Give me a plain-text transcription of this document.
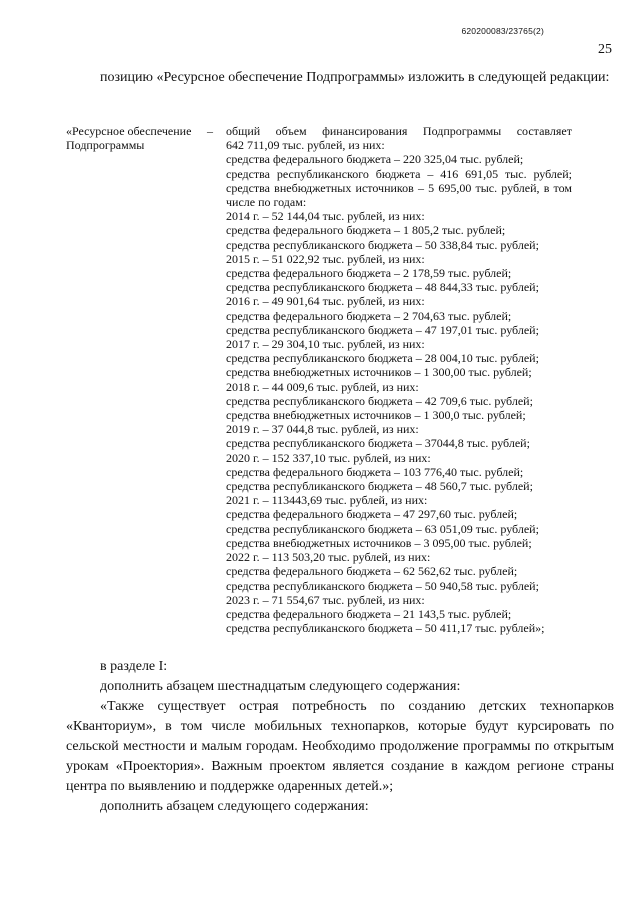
620200083/23765(2)
25

позицию «Ресурсное обеспечение Подпрограммы» изложить в следующей редакции:

«Ресурсное обеспечение Подпрограммы
–	общий объем финансирования Подпрограммы составляет

642 711,09 тыс. рублей, из них:

средства федерального бюджета – 220 325,04 тыс. рублей;

средства республиканского бюджета – 416 691,05 тыс. рублей;

средства внебюджетных источников – 5 695,00 тыс. рублей, в том

числе по годам:

2014 г. – 52 144,04 тыс. рублей, из них:

средства федерального бюджета – 1 805,2 тыс. рублей;

средства республиканского бюджета – 50 338,84 тыс. рублей;

2015 г. – 51 022,92 тыс. рублей, из них:

средства федерального бюджета – 2 178,59 тыс. рублей;

средства республиканского бюджета – 48 844,33 тыс. рублей;

2016 г. – 49 901,64 тыс. рублей, из них:

средства федерального бюджета – 2 704,63 тыс. рублей;

средства республиканского бюджета – 47 197,01 тыс. рублей;

2017 г. – 29 304,10 тыс. рублей, из них:

средства республиканского бюджета – 28 004,10 тыс. рублей;

средства внебюджетных источников – 1 300,00 тыс. рублей;

2018 г. – 44 009,6 тыс. рублей, из них:

средства республиканского бюджета – 42 709,6 тыс. рублей;

средства внебюджетных источников – 1 300,0 тыс. рублей;

2019 г. – 37 044,8 тыс. рублей, из них:

средства республиканского бюджета – 37044,8 тыс. рублей;

2020 г. – 152 337,10 тыс. рублей, из них:

средства федерального бюджета – 103 776,40 тыс. рублей;

средства республиканского бюджета – 48 560,7 тыс. рублей;

2021 г. – 113443,69 тыс. рублей, из них:

средства федерального бюджета – 47 297,60 тыс. рублей;

средства республиканского бюджета – 63 051,09 тыс. рублей;

средства внебюджетных источников – 3 095,00 тыс. рублей;

2022 г. – 113 503,20 тыс. рублей, из них:

средства федерального бюджета – 62 562,62 тыс. рублей;

средства республиканского бюджета – 50 940,58 тыс. рублей;

2023 г. – 71 554,67 тыс. рублей, из них:

средства федерального бюджета – 21 143,5 тыс. рублей;

средства республиканского бюджета – 50 411,17 тыс. рублей»;

в разделе I:

дополнить абзацем шестнадцатым следующего содержания:

«Также существует острая потребность по созданию детских технопарков «Кванториум», в том числе мобильных технопарков, которые будут курсировать по сельской местности и малым городам. Необходимо продолжение программы по открытым урокам «Проектория». Важным проектом является создание в каждом регионе страны центра по выявлению и поддержке одаренных детей.»;

дополнить абзацем следующего содержания:
